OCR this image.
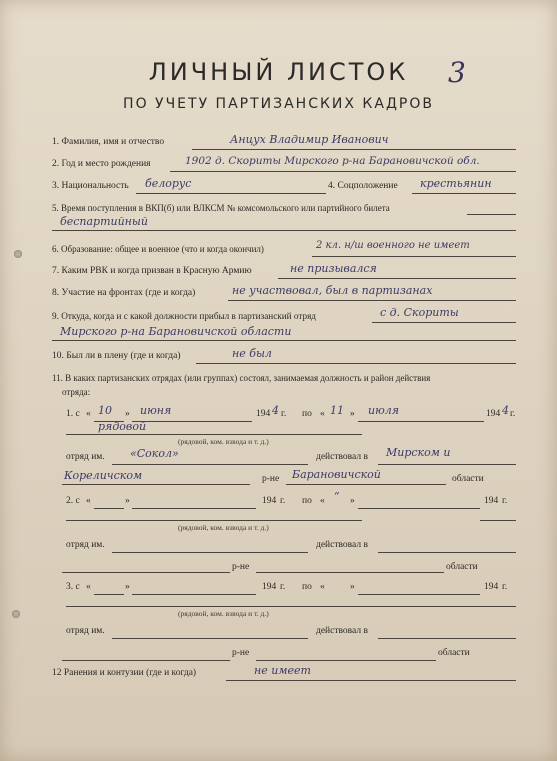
ЛИЧНЫЙ ЛИСТОК	3
ПО УЧЕТУ ПАРТИЗАНСКИХ КАДРОВ
1. Фамилия, имя и отчество	Анцух Владимир Иванович
2. Год и место рождения	1902 д. Скориты Мирского р-на Барановичской обл.
3. Национальность белорус	4. Соцположение крестьянин
5. Время поступления в ВКП(б) или ВЛКСМ № комсомольского или партийного билета
беспартийный
6. Образование: общее и военное (что и когда окончил)	2 кл. н/ш военного не имеет
7. Каким РВК и когда призван в Красную Армию	не призывался
8. Участие на фронтах (где и когда)	не участвовал, был в партизанах
9. Откуда, когда и с какой должности прибыл в партизанский отряд	с д. Скориты
Мирского р-на Барановичской области
10. Был ли в плену (где и когда)	не был
11. В каких партизанских отрядах (или группах) состоял, занимаемая должность и район действия
отряда:
1. с « 10 » июня	194 4 г. по « 11 » июля	194 4 г.
рядовой
(рядовой, ком. взвода и т. д.)
отряд им. «Сокол»	действовал в Мирском и
Кореличском	р-не Барановичской	области
2. с «	»	194 г. по « “ »	194 г.
(рядовой, ком. взвода и т. д.)
отряд им.	действовал в
р-не	области
3. с «	»	194 г. по «	»	194 г.
(рядовой, ком. взвода и т. д.)
отряд им.	действовал в
р-не	области
12 Ранения и контузии (где и когда)	не имеет
